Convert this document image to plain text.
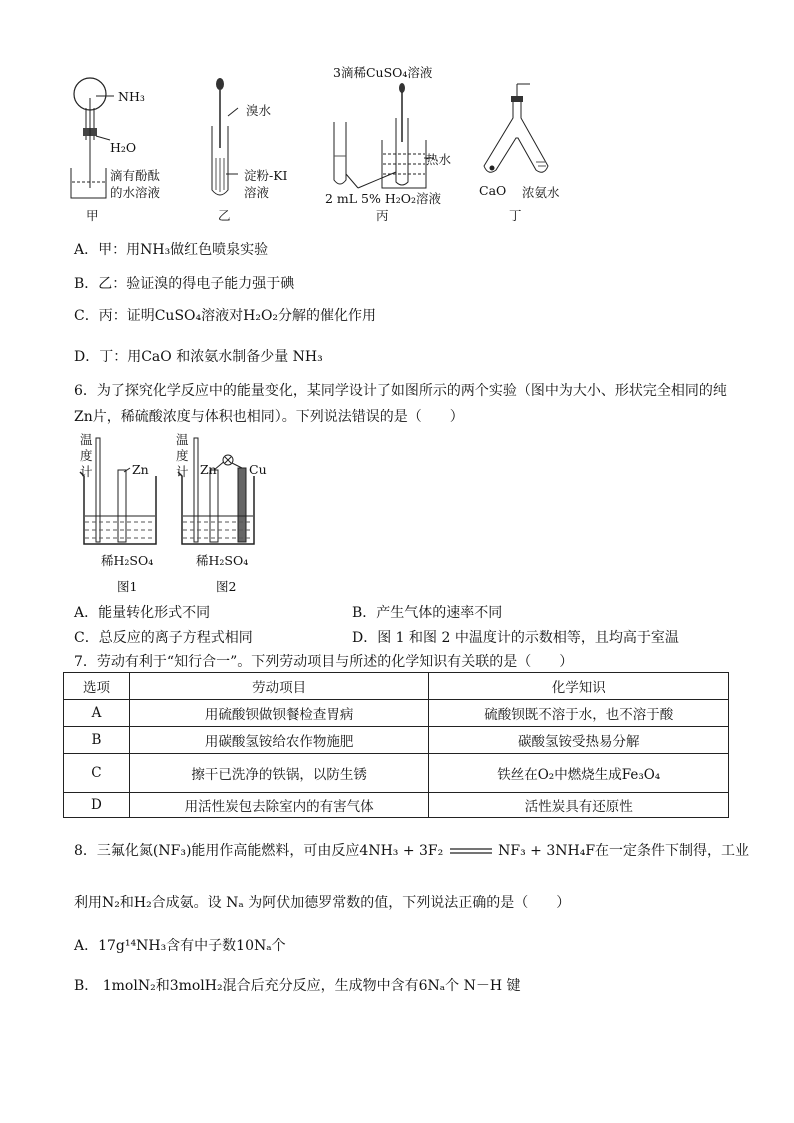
NH₃
H₂O
滴有酚酞
的水溶液
甲
溴水
淀粉-KI
溶液
乙
3滴稀CuSO₄溶液
热水
2 mL 5% H₂O₂溶液
丙
CaO 浓氨水
丁
A．甲：用NH₃做红色喷泉实验
B．乙：验证溴的得电子能力强于碘
C．丙：证明CuSO₄溶液对H₂O₂分解的催化作用
D．丁：用CaO 和浓氨水制备少量 NH₃
6．为了探究化学反应中的能量变化，某同学设计了如图所示的两个实验（图中为大小、形状完全相同的纯
Zn片，稀硫酸浓度与体积也相同）。下列说法错误的是（　　）
温
度
计	Zn
稀H₂SO₄
图1
温
度
计 Zn	Cu
稀H₂SO₄
图2
A．能量转化形式不同	B．产生气体的速率不同
C．总反应的离子方程式相同	D．图 1 和图 2 中温度计的示数相等，且均高于室温
7．劳动有利于“知行合一”。下列劳动项目与所述的化学知识有关联的是（　　）
选项	劳动项目	化学知识
A	用硫酸钡做钡餐检查胃病	硫酸钡既不溶于水，也不溶于酸
B	用碳酸氢铵给农作物施肥	碳酸氢铵受热易分解
C	擦干已洗净的铁锅，以防生锈	铁丝在O₂中燃烧生成Fe₃O₄
D	用活性炭包去除室内的有害气体	活性炭具有还原性
8．三氟化氮(NF₃)能用作高能燃料，可由反应4NH₃ + 3F₂	NF₃ + 3NH₄F在一定条件下制得，工业
利用N₂和H₂合成氨。设 Nₐ 为阿伏加德罗常数的值，下列说法正确的是（　　）
A．17g¹⁴NH₃含有中子数10Nₐ个
B． 1molN₂和3molH₂混合后充分反应，生成物中含有6Nₐ个 N－H 键
